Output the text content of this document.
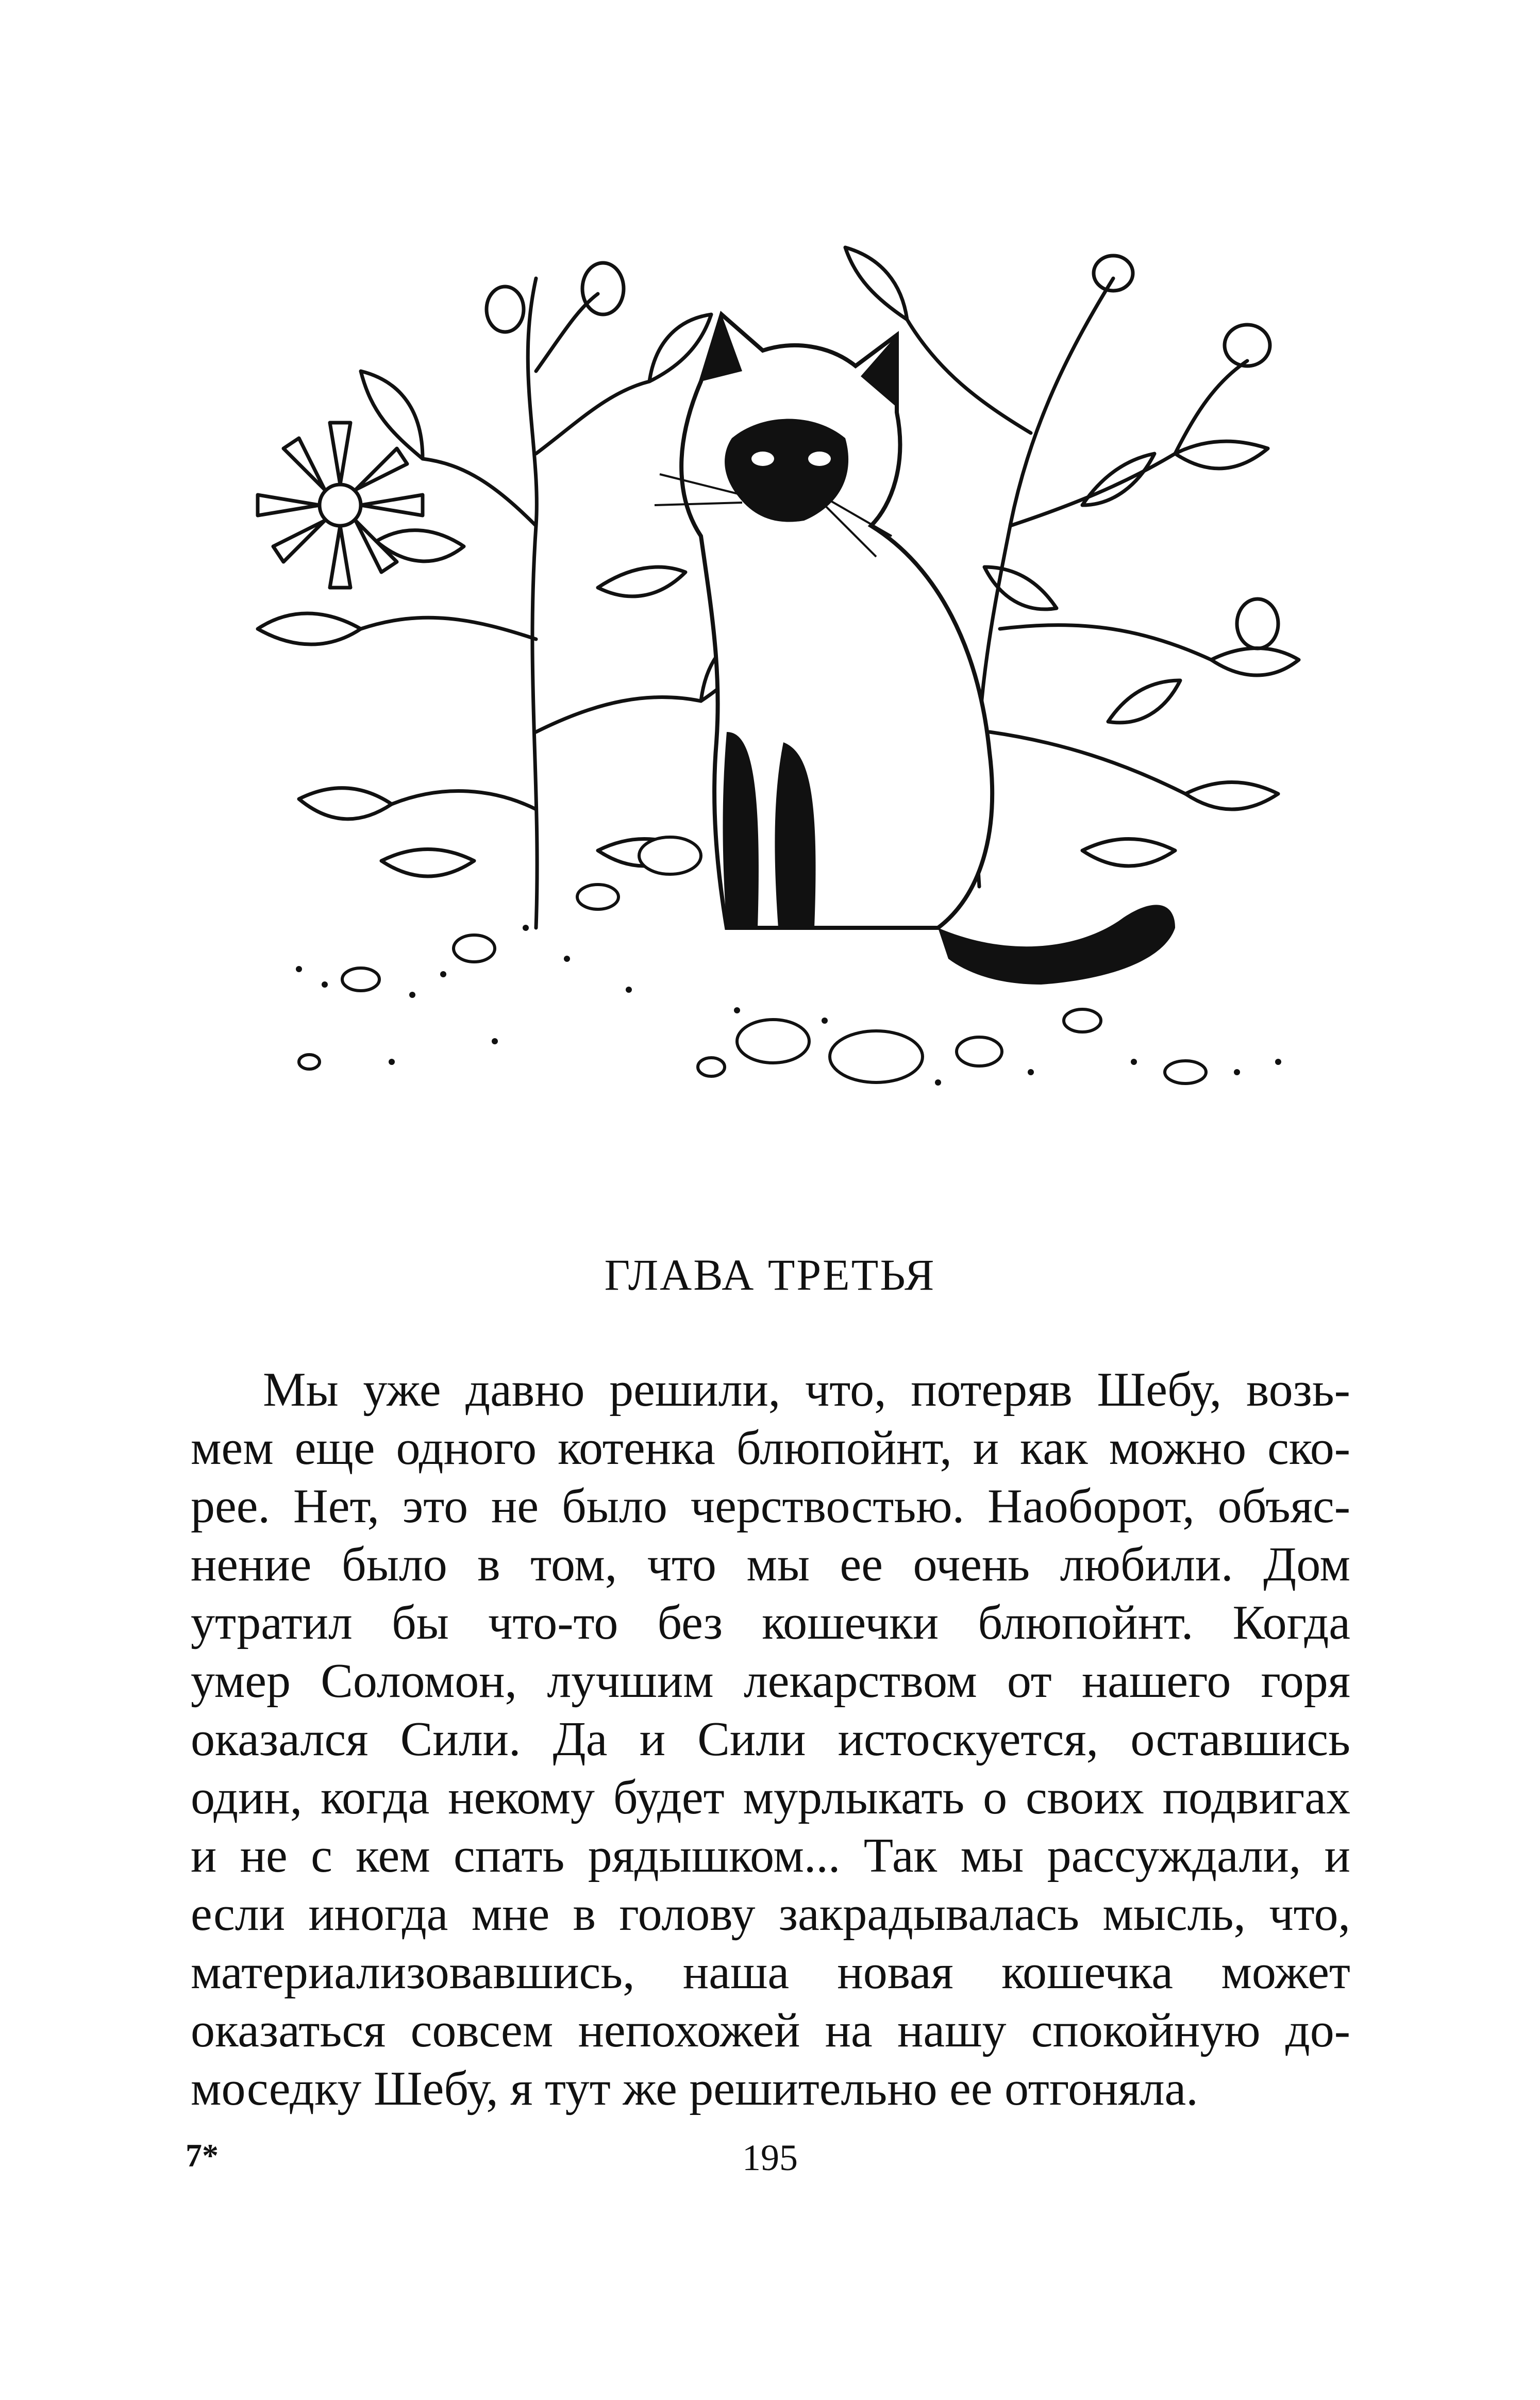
ГЛАВА ТРЕТЬЯ
Мы уже давно решили, что, потеряв Шебу, возь-
мем еще одного котенка блюпойнт, и как можно ско-
рее. Нет, это не было черствостью. Наоборот, объяс-
нение было в том, что мы ее очень любили. Дом
утратил бы что-то без кошечки блюпойнт. Когда
умер Соломон, лучшим лекарством от нашего горя
оказался Сили. Да и Сили истоскуется, оставшись
один, когда некому будет мурлыкать о своих подвигах
и не с кем спать рядышком... Так мы рассуждали, и
если иногда мне в голову закрадывалась мысль, что,
материализовавшись, наша новая кошечка может
оказаться совсем непохожей на нашу спокойную до-
моседку Шебу, я тут же решительно ее отгоняла.
7*	195
